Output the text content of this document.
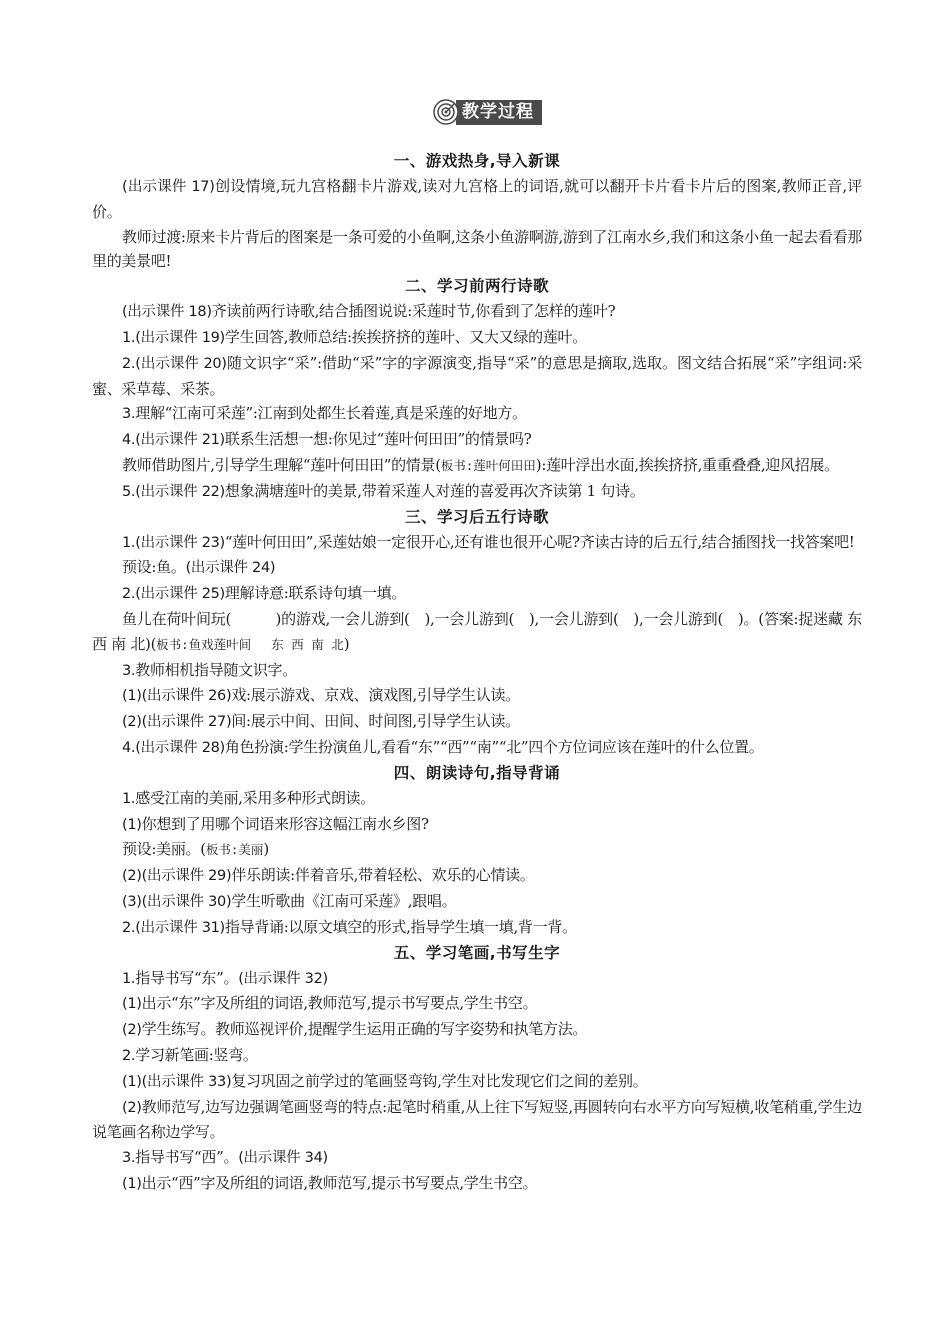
教学过程
一、游戏热身,导入新课

(出示课件 17)创设情境,玩九宫格翻卡片游戏,读对九宫格上的词语,就可以翻开卡片看卡片后的图案,教师正音,评价。

教师过渡:原来卡片背后的图案是一条可爱的小鱼啊,这条小鱼游啊游,游到了江南水乡,我们和这条小鱼一起去看看那里的美景吧!

二、学习前两行诗歌

(出示课件 18)齐读前两行诗歌,结合插图说说:采莲时节,你看到了怎样的莲叶?

1.(出示课件 19)学生回答,教师总结:挨挨挤挤的莲叶、又大又绿的莲叶。

2.(出示课件 20)随文识字“采”:借助“采”字的字源演变,指导“采”的意思是摘取,选取。图文结合拓展“采”字组词:采蜜、采草莓、采茶。

3.理解“江南可采莲”:江南到处都生长着莲,真是采莲的好地方。

4.(出示课件 21)联系生活想一想:你见过“莲叶何田田”的情景吗?

教师借助图片,引导学生理解“莲叶何田田”的情景(板书:莲叶何田田):莲叶浮出水面,挨挨挤挤,重重叠叠,迎风招展。

5.(出示课件 22)想象满塘莲叶的美景,带着采莲人对莲的喜爱再次齐读第 1 句诗。

三、学习后五行诗歌

1.(出示课件 23)“莲叶何田田”,采莲姑娘一定很开心,还有谁也很开心呢?齐读古诗的后五行,结合插图找一找答案吧!

预设:鱼。(出示课件 24)

2.(出示课件 25)理解诗意:联系诗句填一填。

鱼儿在荷叶间玩(　　　)的游戏,一会儿游到(　),一会儿游到(　),一会儿游到(　),一会儿游到(　)。(答案:捉迷藏 东 西 南 北)(板书:鱼戏莲叶间　 东 西 南 北)

3.教师相机指导随文识字。

(1)(出示课件 26)戏:展示游戏、京戏、演戏图,引导学生认读。

(2)(出示课件 27)间:展示中间、田间、时间图,引导学生认读。

4.(出示课件 28)角色扮演:学生扮演鱼儿,看看“东”“西”“南”“北”四个方位词应该在莲叶的什么位置。

四、朗读诗句,指导背诵

1.感受江南的美丽,采用多种形式朗读。

(1)你想到了用哪个词语来形容这幅江南水乡图?

预设:美丽。(板书:美丽)

(2)(出示课件 29)伴乐朗读:伴着音乐,带着轻松、欢乐的心情读。

(3)(出示课件 30)学生听歌曲《江南可采莲》,跟唱。

2.(出示课件 31)指导背诵:以原文填空的形式,指导学生填一填,背一背。

五、学习笔画,书写生字

1.指导书写“东”。(出示课件 32)

(1)出示“东”字及所组的词语,教师范写,提示书写要点,学生书空。

(2)学生练写。教师巡视评价,提醒学生运用正确的写字姿势和执笔方法。

2.学习新笔画:竖弯。

(1)(出示课件 33)复习巩固之前学过的笔画竖弯钩,学生对比发现它们之间的差别。

(2)教师范写,边写边强调笔画竖弯的特点:起笔时稍重,从上往下写短竖,再圆转向右水平方向写短横,收笔稍重,学生边说笔画名称边学写。

3.指导书写“西”。(出示课件 34)

(1)出示“西”字及所组的词语,教师范写,提示书写要点,学生书空。
